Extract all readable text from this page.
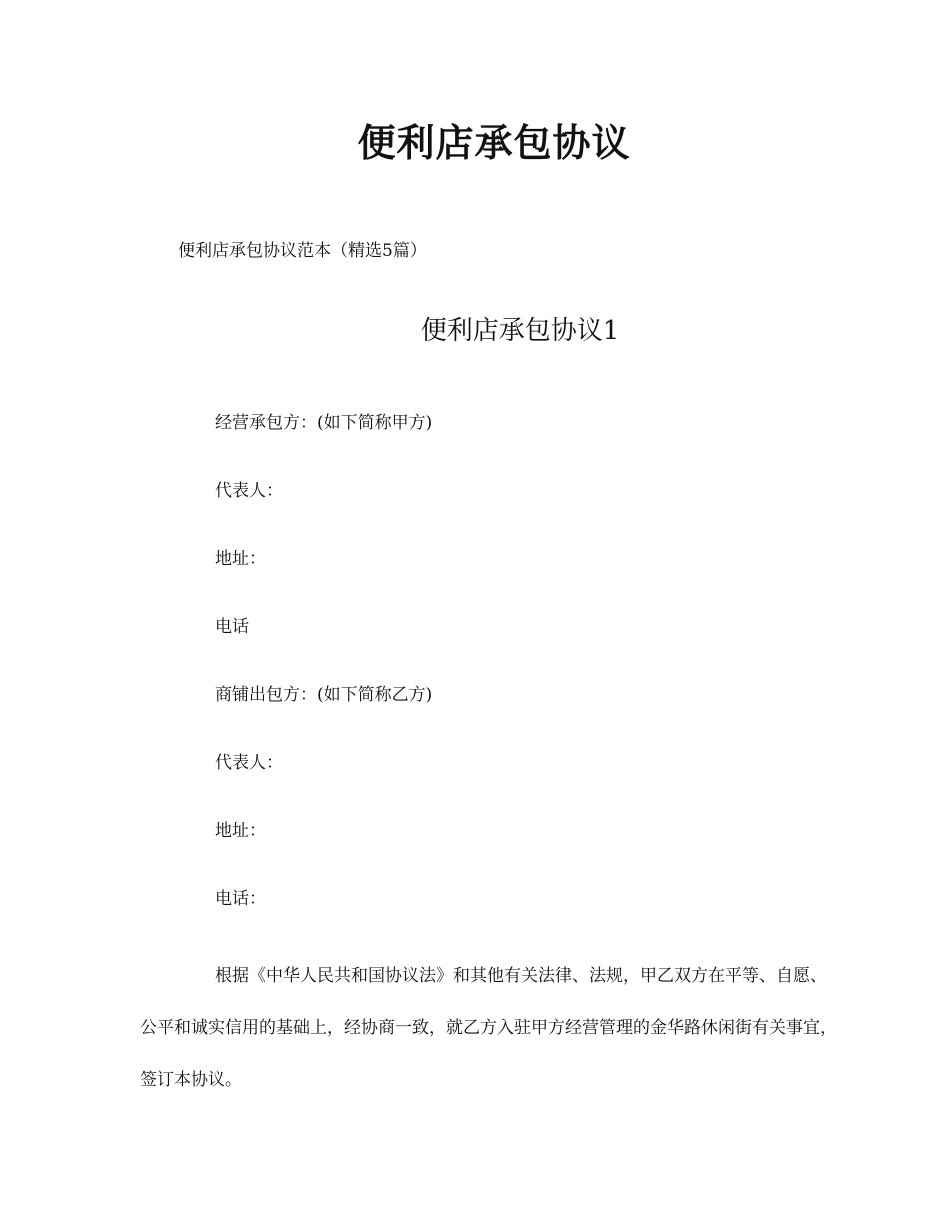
便利店承包协议

便利店承包协议范本（精选5篇）

便利店承包协议1

经营承包方：(如下简称甲方)

代表人：

地址：

电话

商铺出包方：(如下简称乙方)

代表人：

地址：

电话：

根据《中华人民共和国协议法》和其他有关法律、法规，甲乙双方在平等、自愿、公平和诚实信用的基础上，经协商一致，就乙方入驻甲方经营管理的金华路休闲街有关事宜，签订本协议。
